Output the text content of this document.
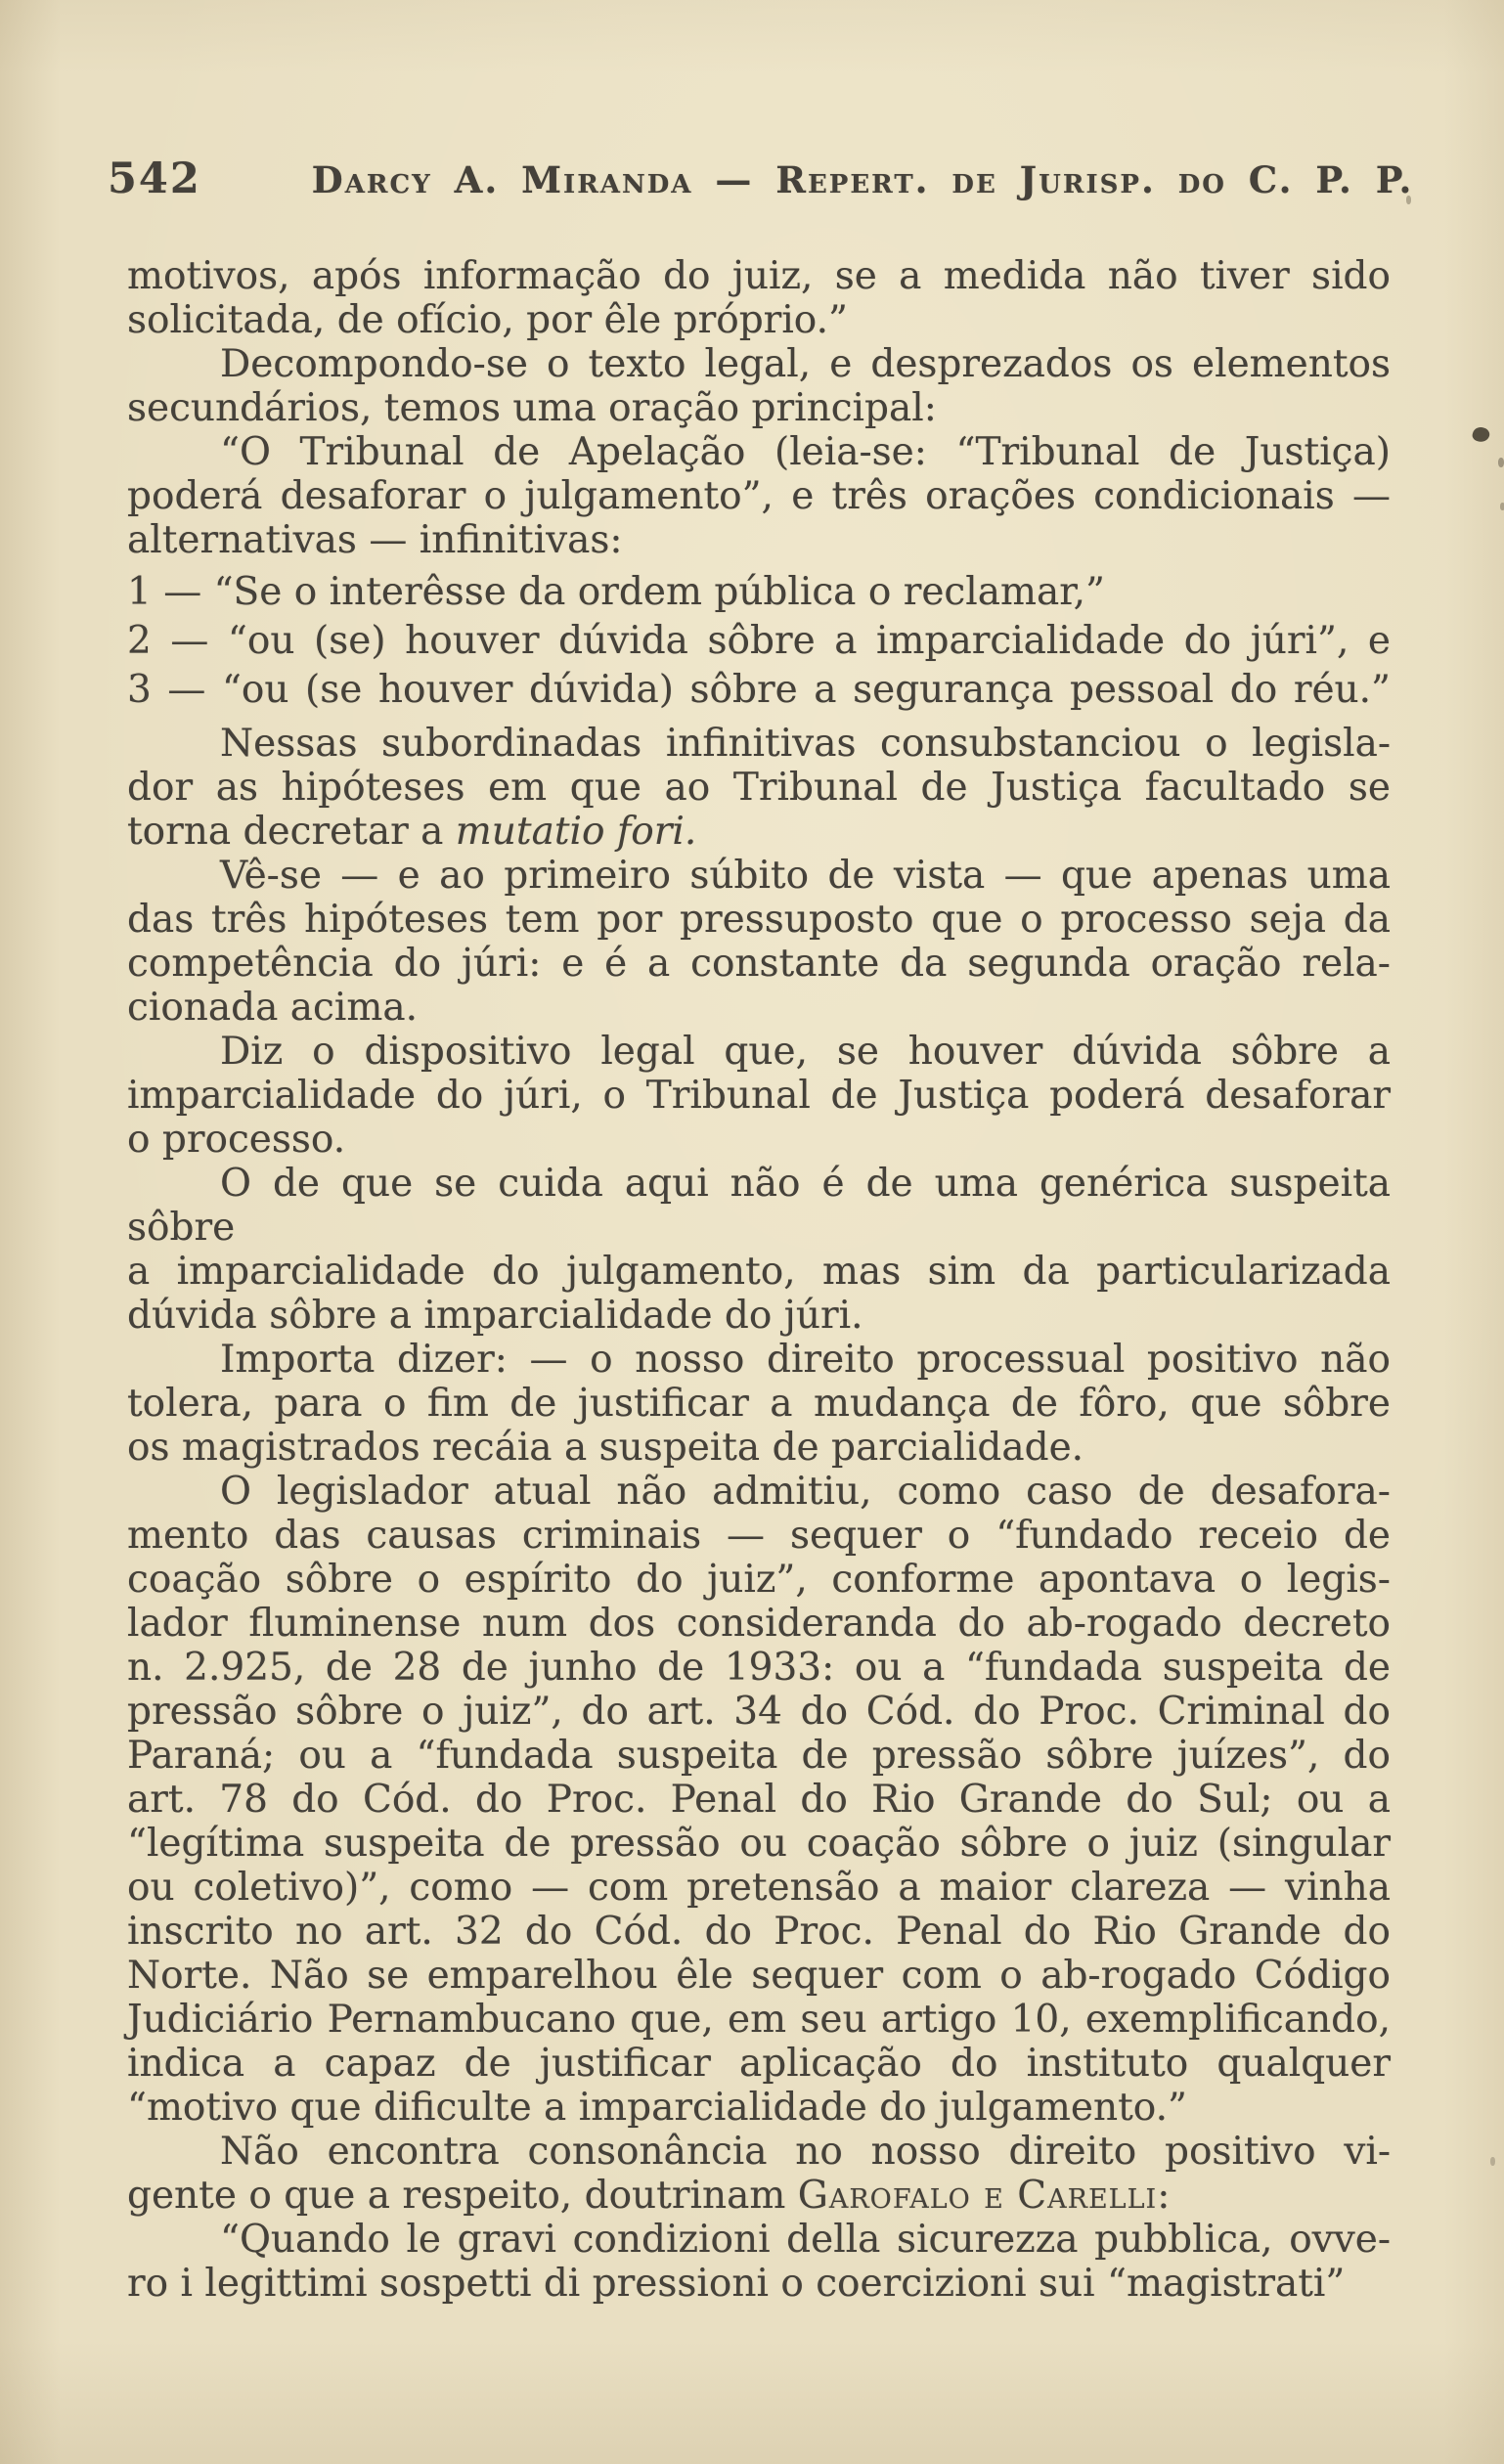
542	Darcy A. Miranda — Repert. de Jurisp. do C. P. P.
motivos, após informação do juiz, se a medida não tiver sido
solicitada, de ofício, por êle próprio.”
Decompondo-se o texto legal, e desprezados os elementos
secundários, temos uma oração principal:
“O Tribunal de Apelação (leia-se: “Tribunal de Justiça)
poderá desaforar o julgamento”, e três orações condicionais —
alternativas — infinitivas:
1 — “Se o interêsse da ordem pública o reclamar,”
2 — “ou (se) houver dúvida sôbre a imparcialidade do júri”, e
3 — “ou (se houver dúvida) sôbre a segurança pessoal do réu.”
Nessas subordinadas infinitivas consubstanciou o legisla-
dor as hipóteses em que ao Tribunal de Justiça facultado se
torna decretar a mutatio fori.
Vê-se — e ao primeiro súbito de vista — que apenas uma
das três hipóteses tem por pressuposto que o processo seja da
competência do júri: e é a constante da segunda oração rela-
cionada acima.
Diz o dispositivo legal que, se houver dúvida sôbre a
imparcialidade do júri, o Tribunal de Justiça poderá desaforar
o processo.
O de que se cuida aqui não é de uma genérica suspeita sôbre
a imparcialidade do julgamento, mas sim da particularizada
dúvida sôbre a imparcialidade do júri.
Importa dizer: — o nosso direito processual positivo não
tolera, para o fim de justificar a mudança de fôro, que sôbre
os magistrados recáia a suspeita de parcialidade.
O legislador atual não admitiu, como caso de desafora-
mento das causas criminais — sequer o “fundado receio de
coação sôbre o espírito do juiz”, conforme apontava o legis-
lador fluminense num dos consideranda do ab-rogado decreto
n. 2.925, de 28 de junho de 1933: ou a “fundada suspeita de
pressão sôbre o juiz”, do art. 34 do Cód. do Proc. Criminal do
Paraná; ou a “fundada suspeita de pressão sôbre juízes”, do
art. 78 do Cód. do Proc. Penal do Rio Grande do Sul; ou a
“legítima suspeita de pressão ou coação sôbre o juiz (singular
ou coletivo)”, como — com pretensão a maior clareza — vinha
inscrito no art. 32 do Cód. do Proc. Penal do Rio Grande do
Norte. Não se emparelhou êle sequer com o ab-rogado Código
Judiciário Pernambucano que, em seu artigo 10, exemplificando,
indica a capaz de justificar aplicação do instituto qualquer
“motivo que dificulte a imparcialidade do julgamento.”
Não encontra consonância no nosso direito positivo vi-
gente o que a respeito, doutrinam Garofalo e Carelli:
“Quando le gravi condizioni della sicurezza pubblica, ovve-
ro i legittimi sospetti di pressioni o coercizioni sui “magistrati”
